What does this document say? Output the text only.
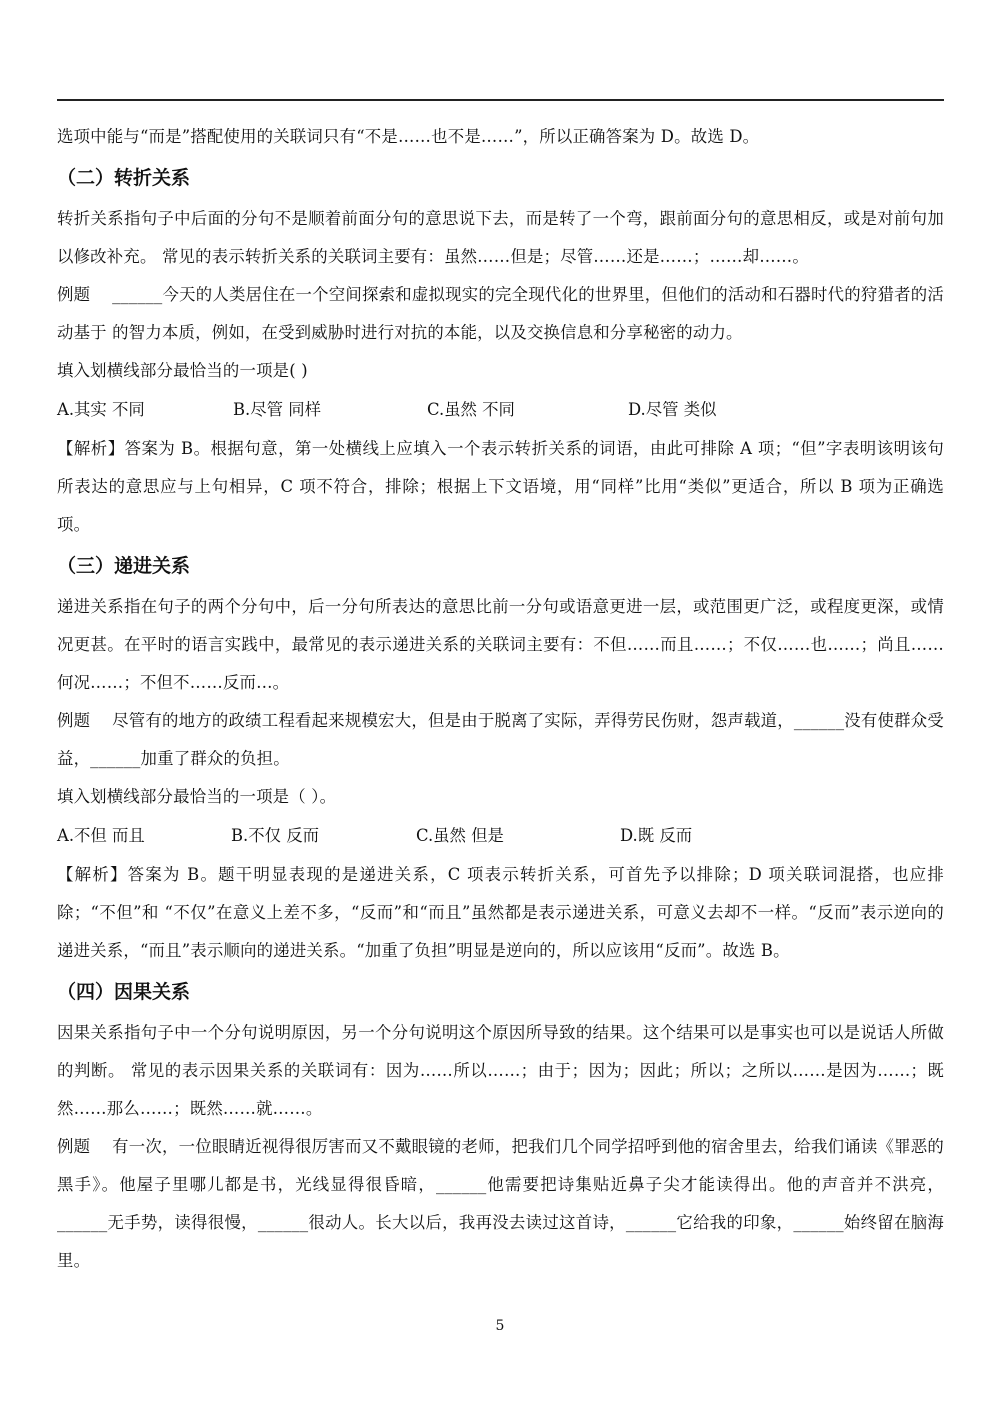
选项中能与“而是”搭配使用的关联词只有“不是……也不是……”，所以正确答案为 D。故选 D。

（二）转折关系

转折关系指句子中后面的分句不是顺着前面分句的意思说下去，而是转了一个弯，跟前面分句的意思相反，或是对前句加以修改补充。 常见的表示转折关系的关联词主要有：虽然……但是；尽管……还是……；……却……。

例题 ______今天的人类居住在一个空间探索和虚拟现实的完全现代化的世界里，但他们的活动和石器时代的狩猎者的活动基于 的智力本质，例如，在受到威胁时进行对抗的本能，以及交换信息和分享秘密的动力。

填入划横线部分最恰当的一项是( )

A.其实 不同	B.尽管 同样	C.虽然 不同	D.尽管 类似

【解析】答案为 B。根据句意，第一处横线上应填入一个表示转折关系的词语，由此可排除 A 项；“但”字表明该明该句所表达的意思应与上句相异，C 项不符合，排除；根据上下文语境，用“同样”比用“类似”更适合，所以 B 项为正确选项。

（三）递进关系

递进关系指在句子的两个分句中，后一分句所表达的意思比前一分句或语意更进一层，或范围更广泛，或程度更深，或情况更甚。在平时的语言实践中，最常见的表示递进关系的关联词主要有：不但……而且……；不仅……也……；尚且……何况……；不但不……反而…。

例题 尽管有的地方的政绩工程看起来规模宏大，但是由于脱离了实际，弄得劳民伤财，怨声载道，______没有使群众受益，______加重了群众的负担。

填入划横线部分最恰当的一项是（ ）。

A.不但 而且	B.不仅 反而	C.虽然 但是	D.既 反而

【解析】答案为 B。题干明显表现的是递进关系，C 项表示转折关系，可首先予以排除；D 项关联词混搭，也应排除；“不但”和 “不仅”在意义上差不多，“反而”和“而且”虽然都是表示递进关系，可意义去却不一样。“反而”表示逆向的递进关系，“而且”表示顺向的递进关系。“加重了负担”明显是逆向的，所以应该用“反而”。故选 B。

（四）因果关系

因果关系指句子中一个分句说明原因，另一个分句说明这个原因所导致的结果。这个结果可以是事实也可以是说话人所做的判断。 常见的表示因果关系的关联词有：因为……所以……；由于；因为；因此；所以；之所以……是因为……；既然……那么……；既然……就……。

例题 有一次，一位眼睛近视得很厉害而又不戴眼镜的老师，把我们几个同学招呼到他的宿舍里去，给我们诵读《罪恶的黑手》。他屋子里哪儿都是书，光线显得很昏暗，______他需要把诗集贴近鼻子尖才能读得出。他的声音并不洪亮，______无手势，读得很慢，______很动人。长大以后，我再没去读过这首诗，______它给我的印象，______始终留在脑海里。

5
